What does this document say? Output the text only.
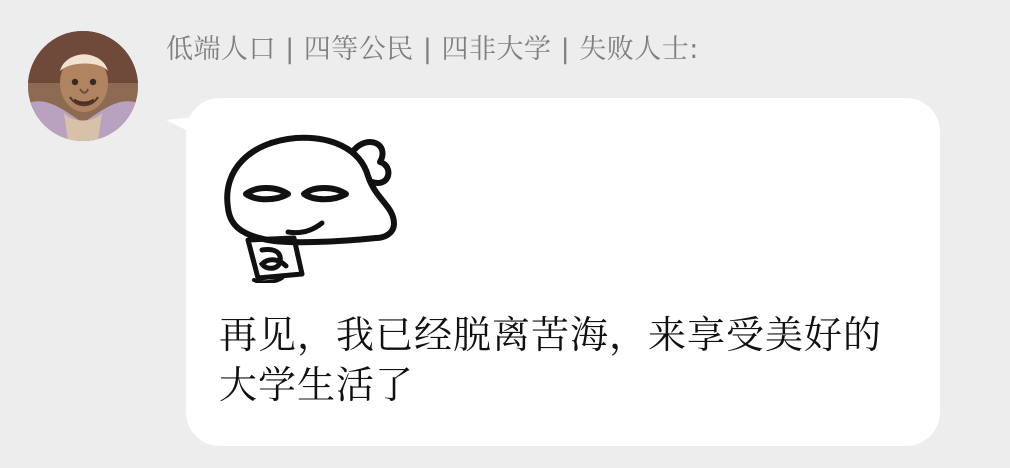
低端人口 | 四等公民 | 四非大学 | 失败人士:
再见，我已经脱离苦海，来享受美好的大学生活了
